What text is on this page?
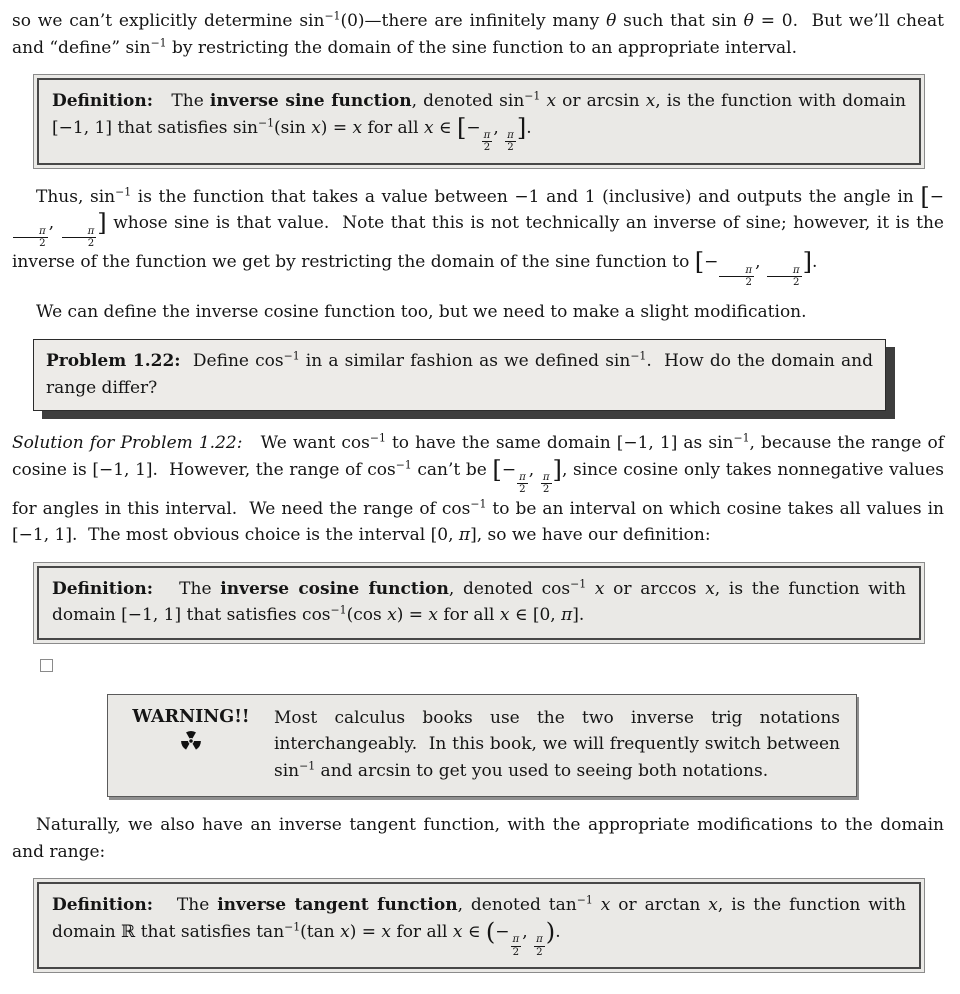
so we can’t explicitly determine $\sin^{-1}(0)—there$ are infinitely many θ such that sin θ = 0.  But we’ll cheat and “define” $\sin^{-1}$ by restricting the domain of the sine function to an appropriate interval.

Definition:   The inverse sine function, denoted $\sin^{-1} x$ or arcsin x, is the function with domain [−1, 1] that satisfies $\sin^{-1}(\sin$ x) = x for all x ∈ [−
$\frac{\pi}{2}$
,
$\frac{\pi}{2}$
].

Thus, $\sin^{-1}$ is the function that takes a value between −1 and 1 (inclusive) and outputs the angle in [−
$\frac{\pi}{2}$
,
$\frac{\pi}{2}$
] whose sine is that value.  Note that this is not technically an inverse of sine; however, it is the inverse of the function we get by restricting the domain of the sine function to [−
$\frac{\pi}{2}$
,
$\frac{\pi}{2}$
].

We can define the inverse cosine function too, but we need to make a slight modification.

Problem 1.22:  Define $\cos^{-1}$ in a similar fashion as we defined $\sin^{-1}$.  How do the domain and range differ?

Solution for Problem 1.22:   We want $\cos^{-1}$ to have the same domain [−1, 1] as $\sin^{-1}$, because the range of cosine is [−1, 1].  However, the range of $\cos^{-1}$ can’t be [−
$\frac{\pi}{2}$
,
$\frac{\pi}{2}$
], since cosine only takes nonnegative values for angles in this interval.  We need the range of $\cos^{-1}$ to be an interval on which cosine takes all values in [−1, 1].  The most obvious choice is the interval [0, π], so we have our definition:

Definition:   The inverse cosine function, denoted $\cos^{-1} x$ or arccos x, is the function with domain [−1, 1] that satisfies $\cos^{-1}(\cos$ x) = x for all x ∈ [0, π].
WARNING!!	Most calculus books use the two inverse trig notations interchangeably.  In this book, we will frequently switch between $\sin^{-1}$ and arcsin to get you used to seeing both notations.

Naturally, we also have an inverse tangent function, with the appropriate modifications to the domain and range:

Definition:   The inverse tangent function, denoted $\tan^{-1} x$ or arctan x, is the function with domain ℝ that satisfies $\tan^{-1}(\tan$ x) = x for all x ∈ (−
$\frac{\pi}{2}$
,
$\frac{\pi}{2}$
).
